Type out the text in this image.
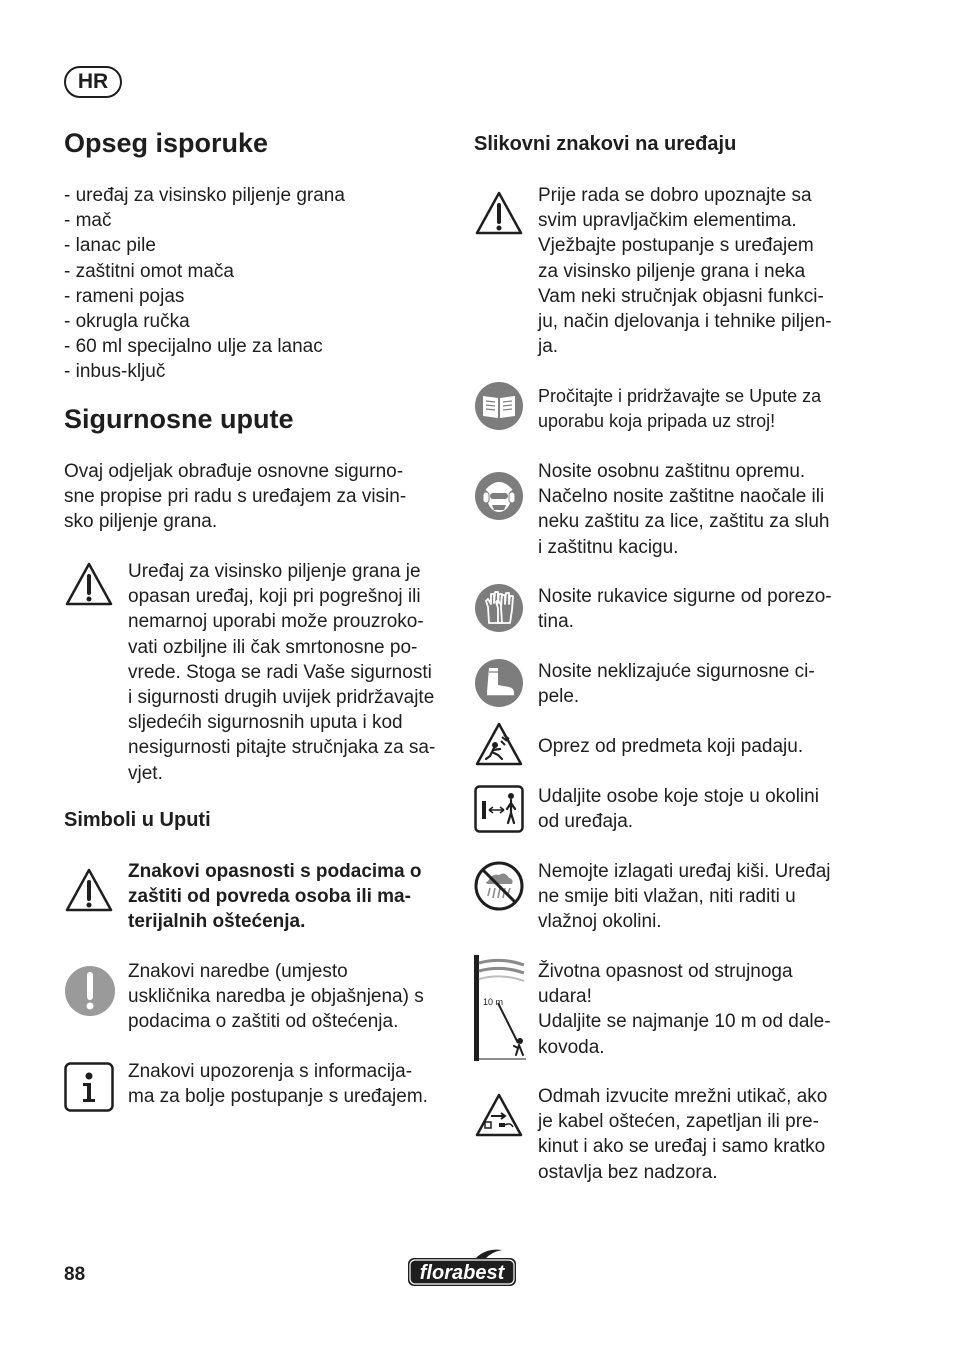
HR
Opseg isporuke
- uređaj za visinsko piljenje grana
- mač
- lanac pile
- zaštitni omot mača
- rameni pojas
- okrugla ručka
- 60 ml specijalno ulje za lanac
- inbus-ključ
Sigurnosne upute
Ovaj odjeljak obrađuje osnovne sigurno-
sne propise pri radu s uređajem za visin-
sko piljenje grana.
Uređaj za visinsko piljenje grana je
opasan uređaj, koji pri pogrešnoj ili
nemarnoj uporabi može prouzroko-
vati ozbiljne ili čak smrtonosne po-
vrede. Stoga se radi Vaše sigurnosti
i sigurnosti drugih uvijek pridržavajte
sljedećih sigurnosnih uputa i kod
nesigurnosti pitajte stručnjaka za sa-
vjet.
Simboli u Uputi
Znakovi opasnosti s podacima o
zaštiti od povreda osoba ili ma-
terijalnih oštećenja.
Znakovi naredbe (umjesto
uskličnika naredba je objašnjena) s
podacima o zaštiti od oštećenja.
Znakovi upozorenja s informacija-
ma za bolje postupanje s uređajem.
Slikovni znakovi na uređaju
Prije rada se dobro upoznajte sa
svim upravljačkim elementima.
Vježbajte postupanje s uređajem
za visinsko piljenje grana i neka
Vam neki stručnjak objasni funkci-
ju, način djelovanja i tehnike piljen-
ja.
Pročitajte i pridržavajte se Upute za
uporabu koja pripada uz stroj!
Nosite osobnu zaštitnu opremu.
Načelno nosite zaštitne naočale ili
neku zaštitu za lice, zaštitu za sluh
i zaštitnu kacigu.
Nosite rukavice sigurne od porezo-
tina.
Nosite neklizajuće sigurnosne ci-
pele.
Oprez od predmeta koji padaju.
Udaljite osobe koje stoje u okolini
od uređaja.
Nemojte izlagati uređaj kiši. Uređaj
ne smije biti vlažan, niti raditi u
vlažnoj okolini.
10 m
Životna opasnost od strujnoga
udara!
Udaljite se najmanje 10 m od dale-
kovoda.
Odmah izvucite mrežni utikač, ako
je kabel oštećen, zapetljan ili pre-
kinut i ako se uređaj i samo kratko
ostavlja bez nadzora.
88	florabest
